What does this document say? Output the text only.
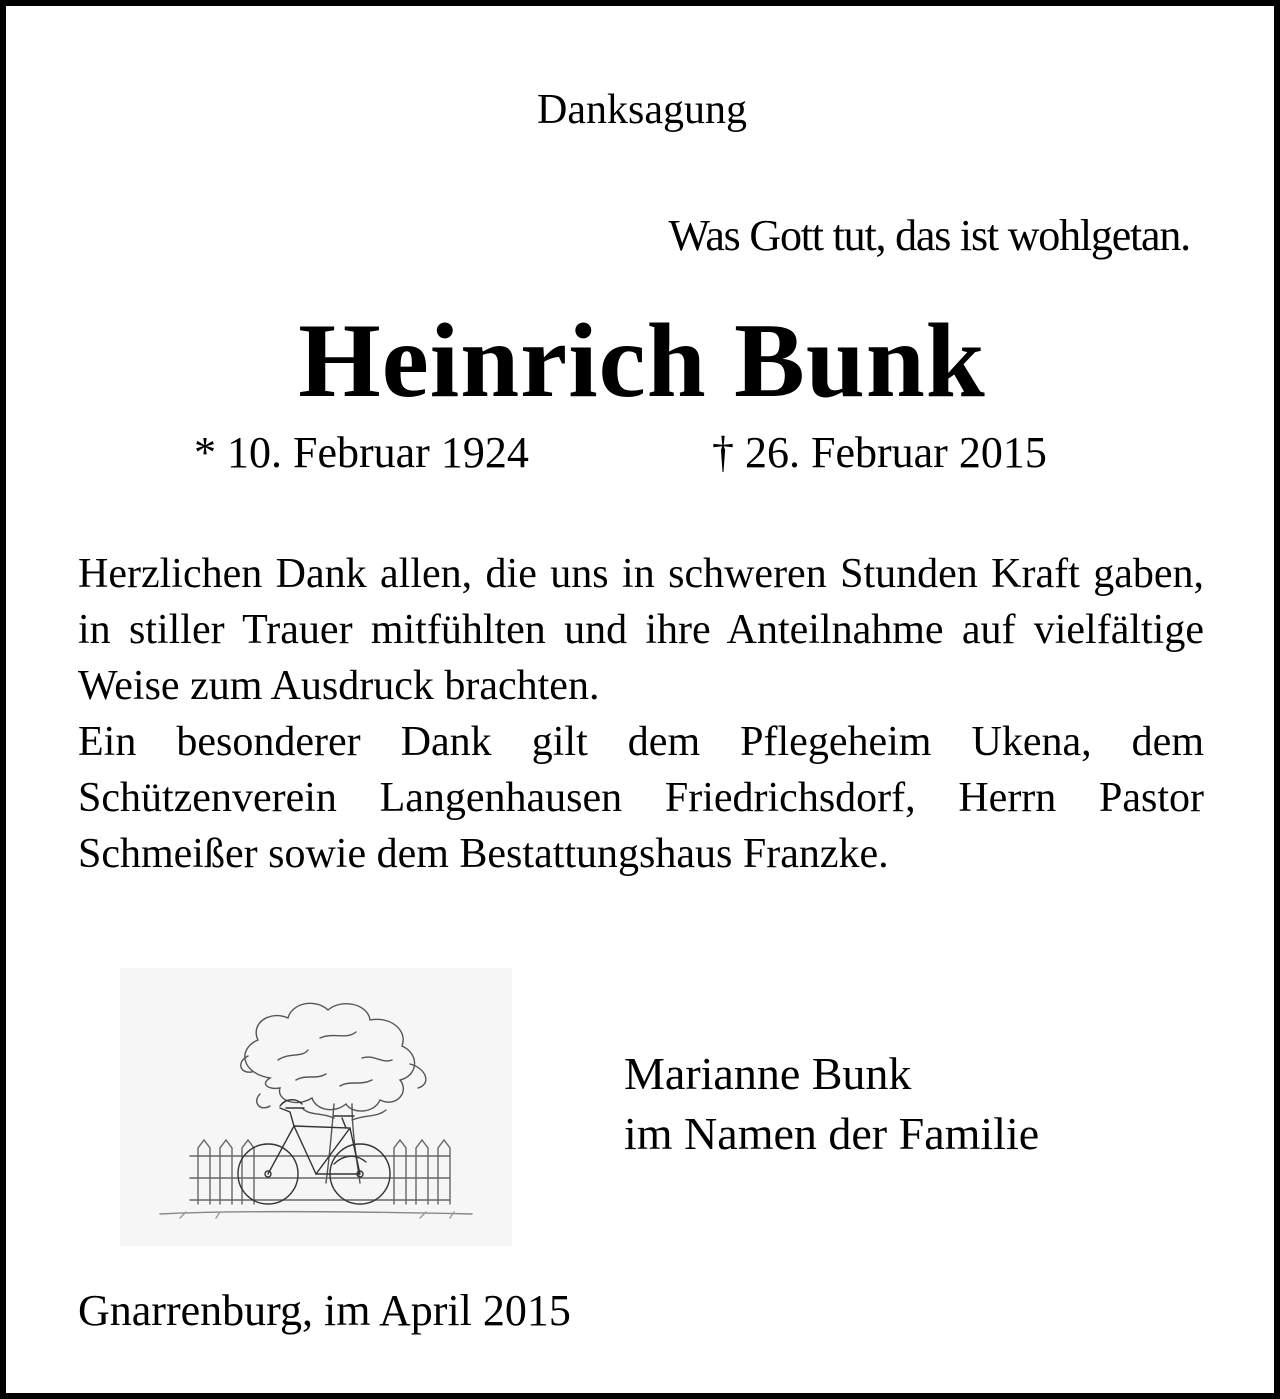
Danksagung
Was Gott tut, das ist wohlgetan.
Heinrich Bunk
* 10. Februar 1924	† 26. Februar 2015

Herzlichen Dank allen, die uns in schweren Stunden Kraft gaben, in stiller Trauer mitfühlten und ihre Anteilnahme auf vielfältige Weise zum Ausdruck brachten.

Ein besonderer Dank gilt dem Pflegeheim Ukena, dem Schützenverein Langenhausen Friedrichsdorf, Herrn Pastor Schmeißer sowie dem Bestattungshaus Franzke.

Marianne Bunk
im Namen der Familie
Gnarrenburg, im April 2015
